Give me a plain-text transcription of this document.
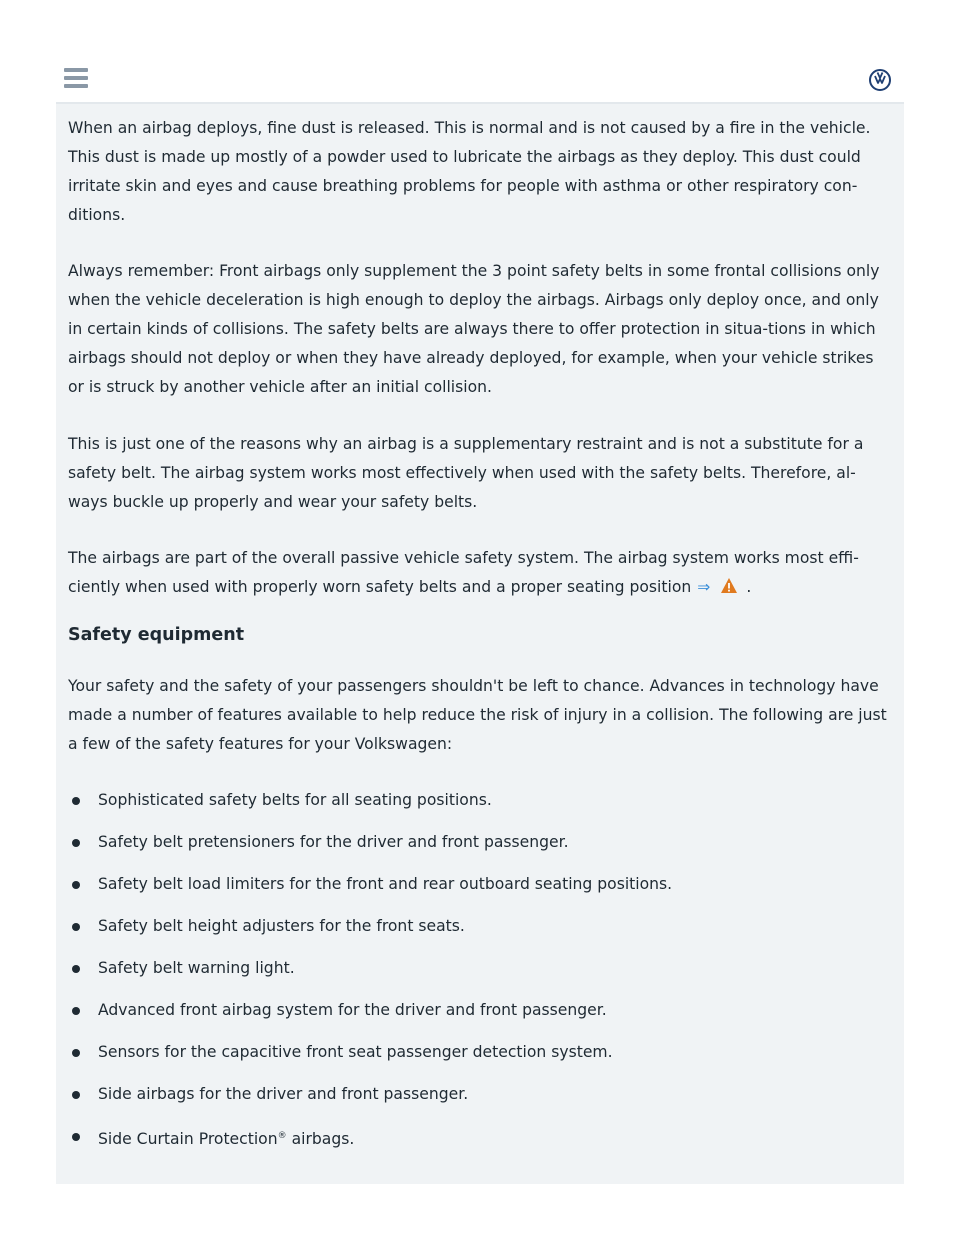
When an airbag deploys, fine dust is released. This is normal and is not caused by a fire in the vehicle. This dust is made up mostly of a powder used to lubricate the airbags as they deploy. This dust could irritate skin and eyes and cause breathing problems for people with asthma or other respiratory con-ditions.

Always remember: Front airbags only supplement the 3 point safety belts in some frontal collisions only when the vehicle deceleration is high enough to deploy the airbags. Airbags only deploy once, and only in certain kinds of collisions. The safety belts are always there to offer protection in situa-tions in which airbags should not deploy or when they have already deployed, for example, when your vehicle strikes or is struck by another vehicle after an initial collision.

This is just one of the reasons why an airbag is a supplementary restraint and is not a substitute for a safety belt. The airbag system works most effectively when used with the safety belts. Therefore, al-ways buckle up properly and wear your safety belts.

The airbags are part of the overall passive vehicle safety system. The airbag system works most effi-ciently when used with properly worn safety belts and a proper seating position ⇒ .

Safety equipment

Your safety and the safety of your passengers shouldn't be left to chance. Advances in technology have made a number of features available to help reduce the risk of injury in a collision. The following are just a few of the safety features for your Volkswagen:

Sophisticated safety belts for all seating positions.
Safety belt pretensioners for the driver and front passenger.
Safety belt load limiters for the front and rear outboard seating positions.
Safety belt height adjusters for the front seats.
Safety belt warning light.
Advanced front airbag system for the driver and front passenger.
Sensors for the capacitive front seat passenger detection system.
Side airbags for the driver and front passenger.
Side Curtain Protection® airbags.
